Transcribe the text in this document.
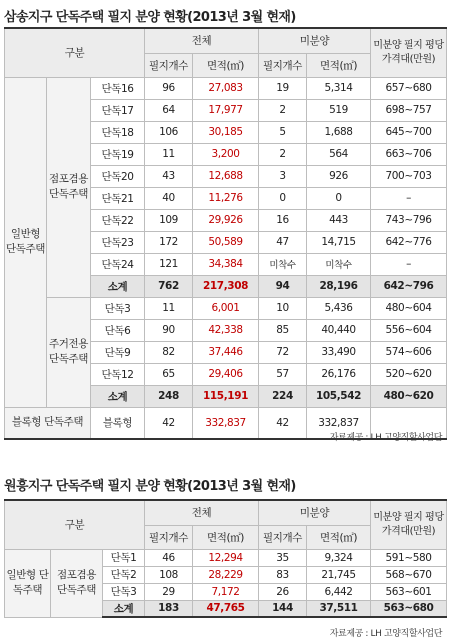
삼송지구 단독주택 필지 분양 현황(2013년 3월 현재)
구분			전체		미분양		미분양 필지 평당 가격대(만원)
			필지개수	면적(㎡)	필지개수	면적(㎡)	
일반형 단독주택	점포겸용 단독주택	단독16	96	27,083	19	5,314	657~680
		단독17	64	17,977	2	519	698~757
		단독18	106	30,185	5	1,688	645~700
		단독19	11	3,200	2	564	663~706
		단독20	43	12,688	3	926	700~703
		단독21	40	11,276	0	0	–
		단독22	109	29,926	16	443	743~796
		단독23	172	50,589	47	14,715	642~776
		단독24	121	34,384	미착수	미착수	–
		소계	762	217,308	94	28,196	642~796
	주거전용 단독주택	단독3	11	6,001	10	5,436	480~604
		단독6	90	42,338	85	40,440	556~604
		단독9	82	37,446	72	33,490	574~606
		단독12	65	29,406	57	26,176	520~620
		소계	248	115,191	224	105,542	480~620
블록형 단독주택		블록형	42	332,837	42	332,837	
자료제공 : LH 고양직할사업단
원흥지구 단독주택 필지 분양 현황(2013년 3월 현재)
구분			전체		미분양		미분양 필지 평당 가격대(만원)
			필지개수	면적(㎡)	필지개수	면적(㎡)	
일반형 단독주택	점포겸용 단독주택	단독1	46	12,294	35	9,324	591~580
		단독2	108	28,229	83	21,745	568~670
		단독3	29	7,172	26	6,442	563~601
		소계	183	47,765	144	37,511	563~680
자료제공 : LH 고양직할사업단
